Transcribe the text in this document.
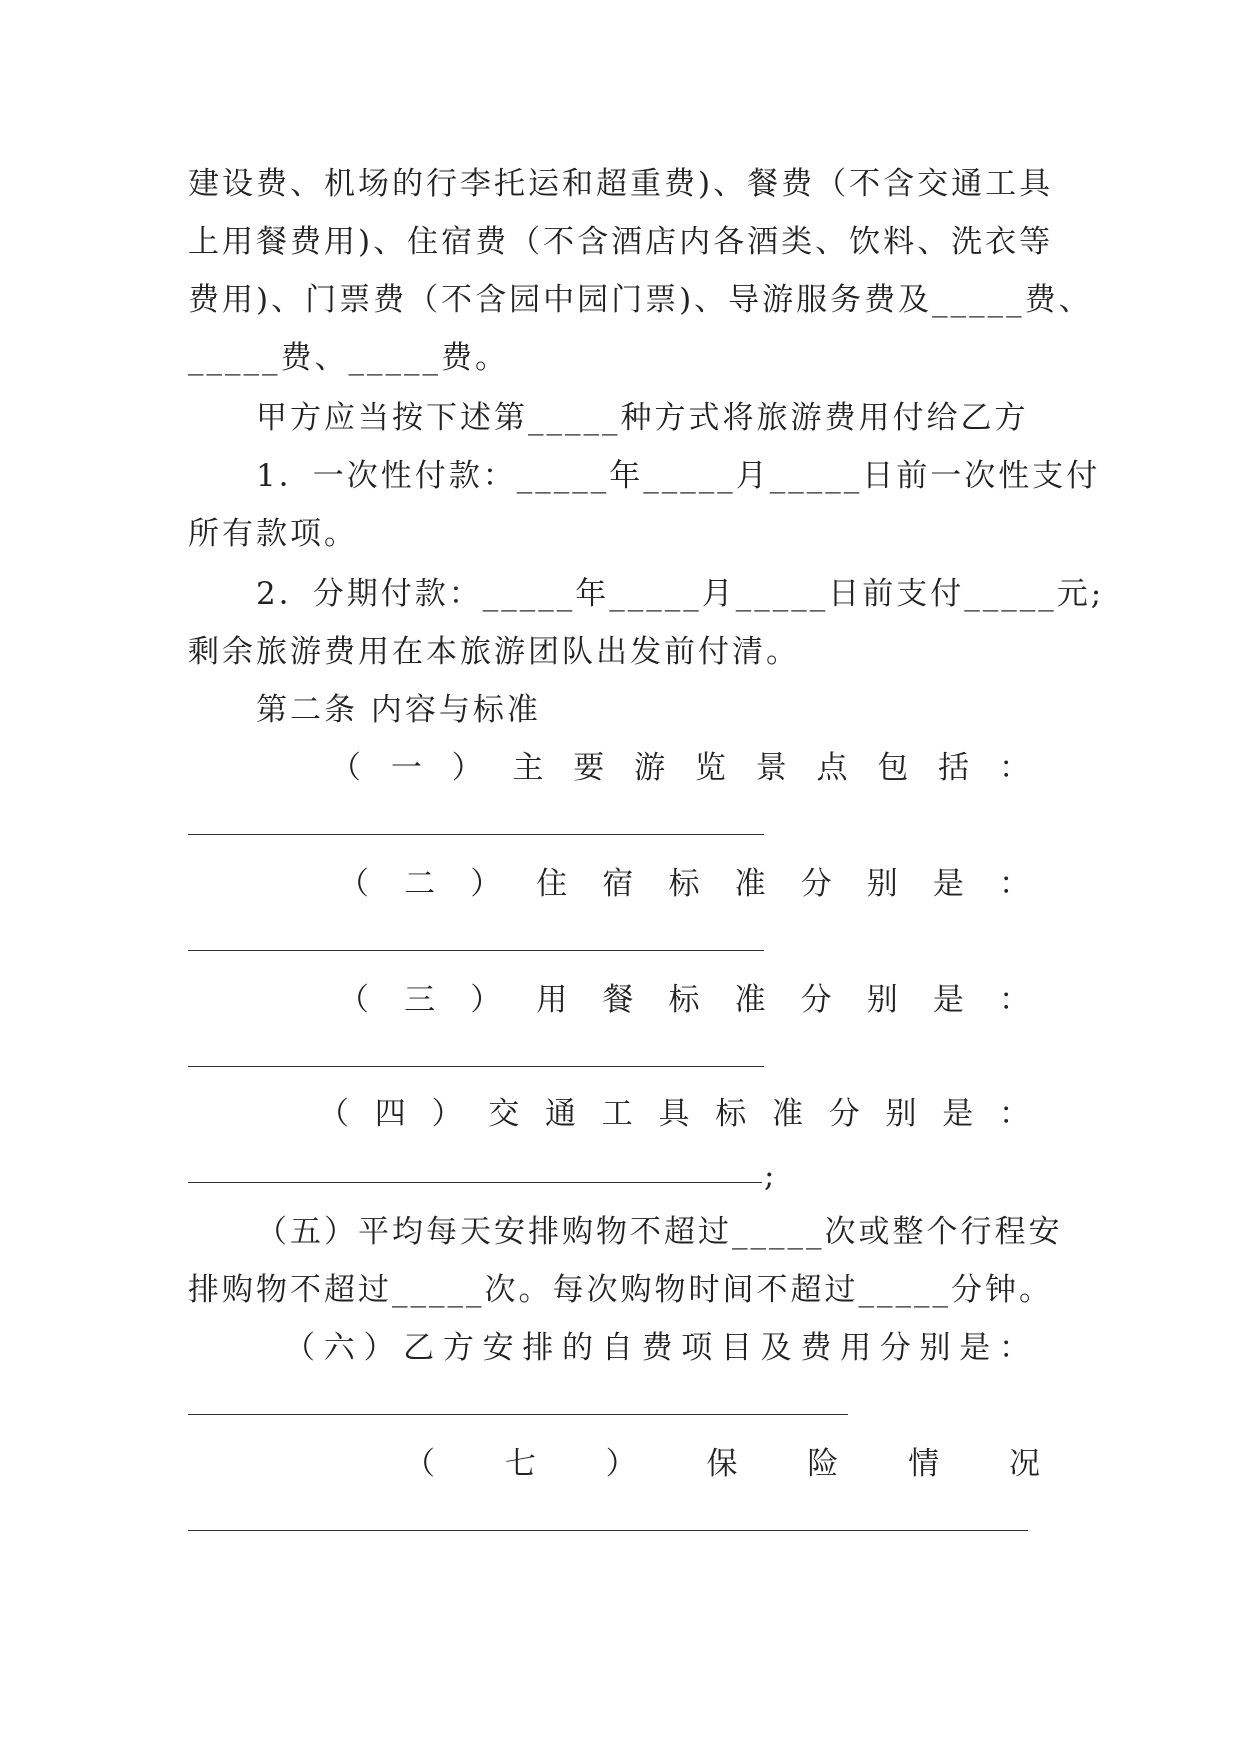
建设费、机场的行李托运和超重费)、餐费（不含交通工具
上用餐费用)、住宿费（不含酒店内各酒类、饮料、洗衣等
费用)、门票费（不含园中园门票)、导游服务费及_____费、
_____费、_____费。
甲方应当按下述第_____种方式将旅游费用付给乙方
1．一次性付款：_____年_____月_____日前一次性支付
所有款项。
2．分期付款：_____年_____月_____日前支付_____元;
剩余旅游费用在本旅游团队出发前付清。
第二条 内容与标准
（ 一 ） 主 要 游 览 景 点 包 括 ：
（ 二 ） 住 宿 标 准 分 别 是 ：
（ 三 ） 用 餐 标 准 分 别 是 ：
（ 四 ） 交 通 工 具 标 准 分 别 是 ：
;
（五）平均每天安排购物不超过_____次或整个行程安
排购物不超过_____次。每次购物时间不超过_____分钟。
（ 六 ） 乙 方 安 排 的 自 费 项 目 及 费 用 分 别 是 ：
（ 七 ） 保 险 情 况
